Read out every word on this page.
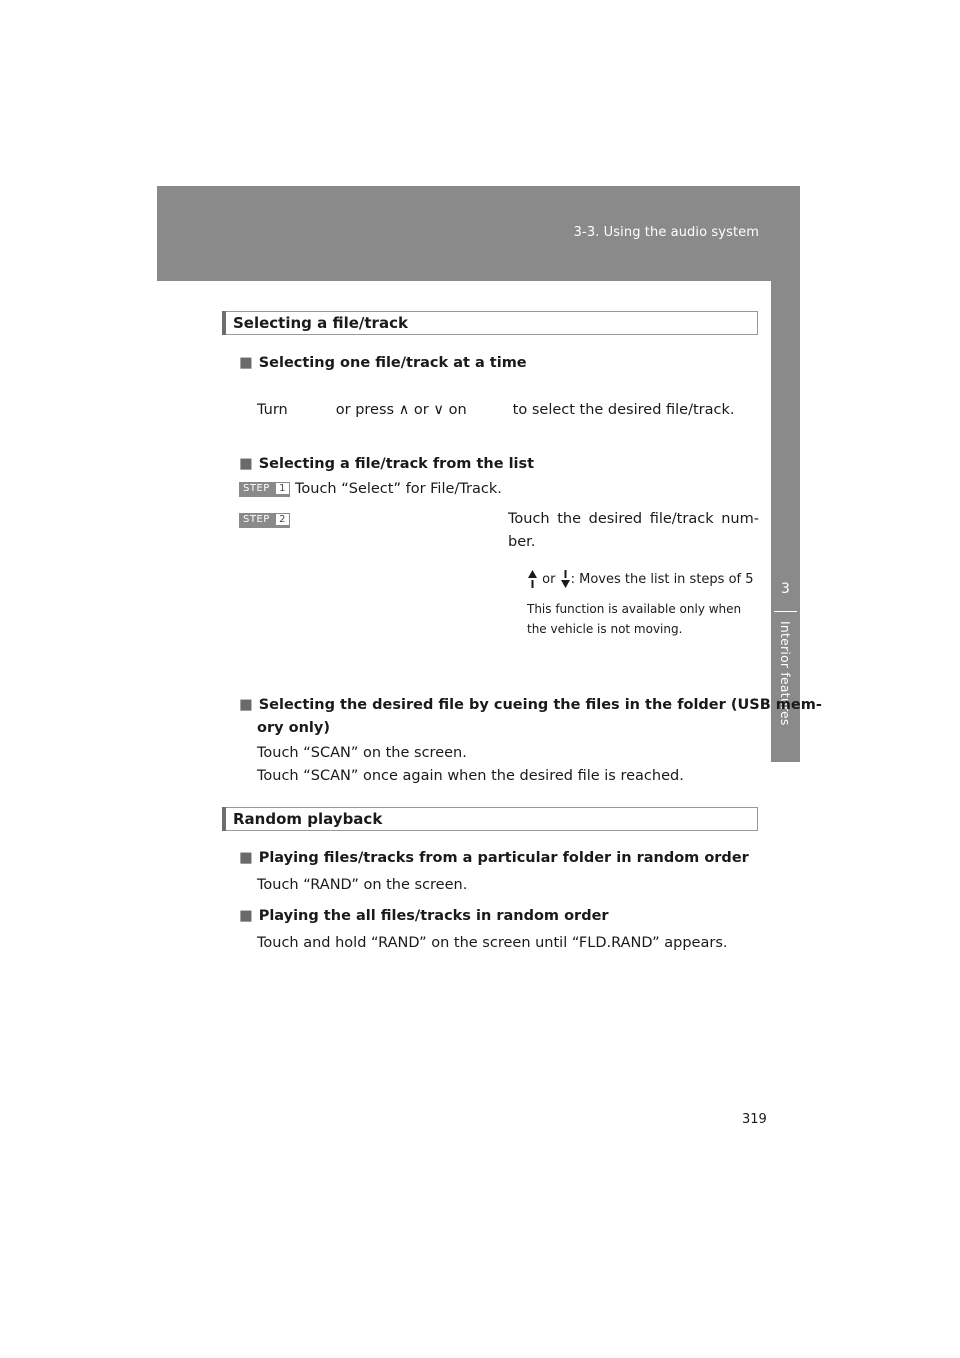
3-3. Using the audio system
3
Interior features
Selecting a file/track
■ Selecting one file/track at a time
Turn	or press ∧ or ∨ on	to select the desired file/track.
■ Selecting a file/track from the list
STEP 1 Touch “Select” for File/Track.
STEP 2	Touch the desired file/track num-
ber.
or : Moves the list in steps of 5
This function is available only when
the vehicle is not moving.
■ Selecting the desired file by cueing the files in the folder (USB mem-
ory only)
Touch “SCAN” on the screen.
Touch “SCAN” once again when the desired file is reached.
Random playback
■ Playing files/tracks from a particular folder in random order
Touch “RAND” on the screen.
■ Playing the all files/tracks in random order
Touch and hold “RAND” on the screen until “FLD.RAND” appears.
319
